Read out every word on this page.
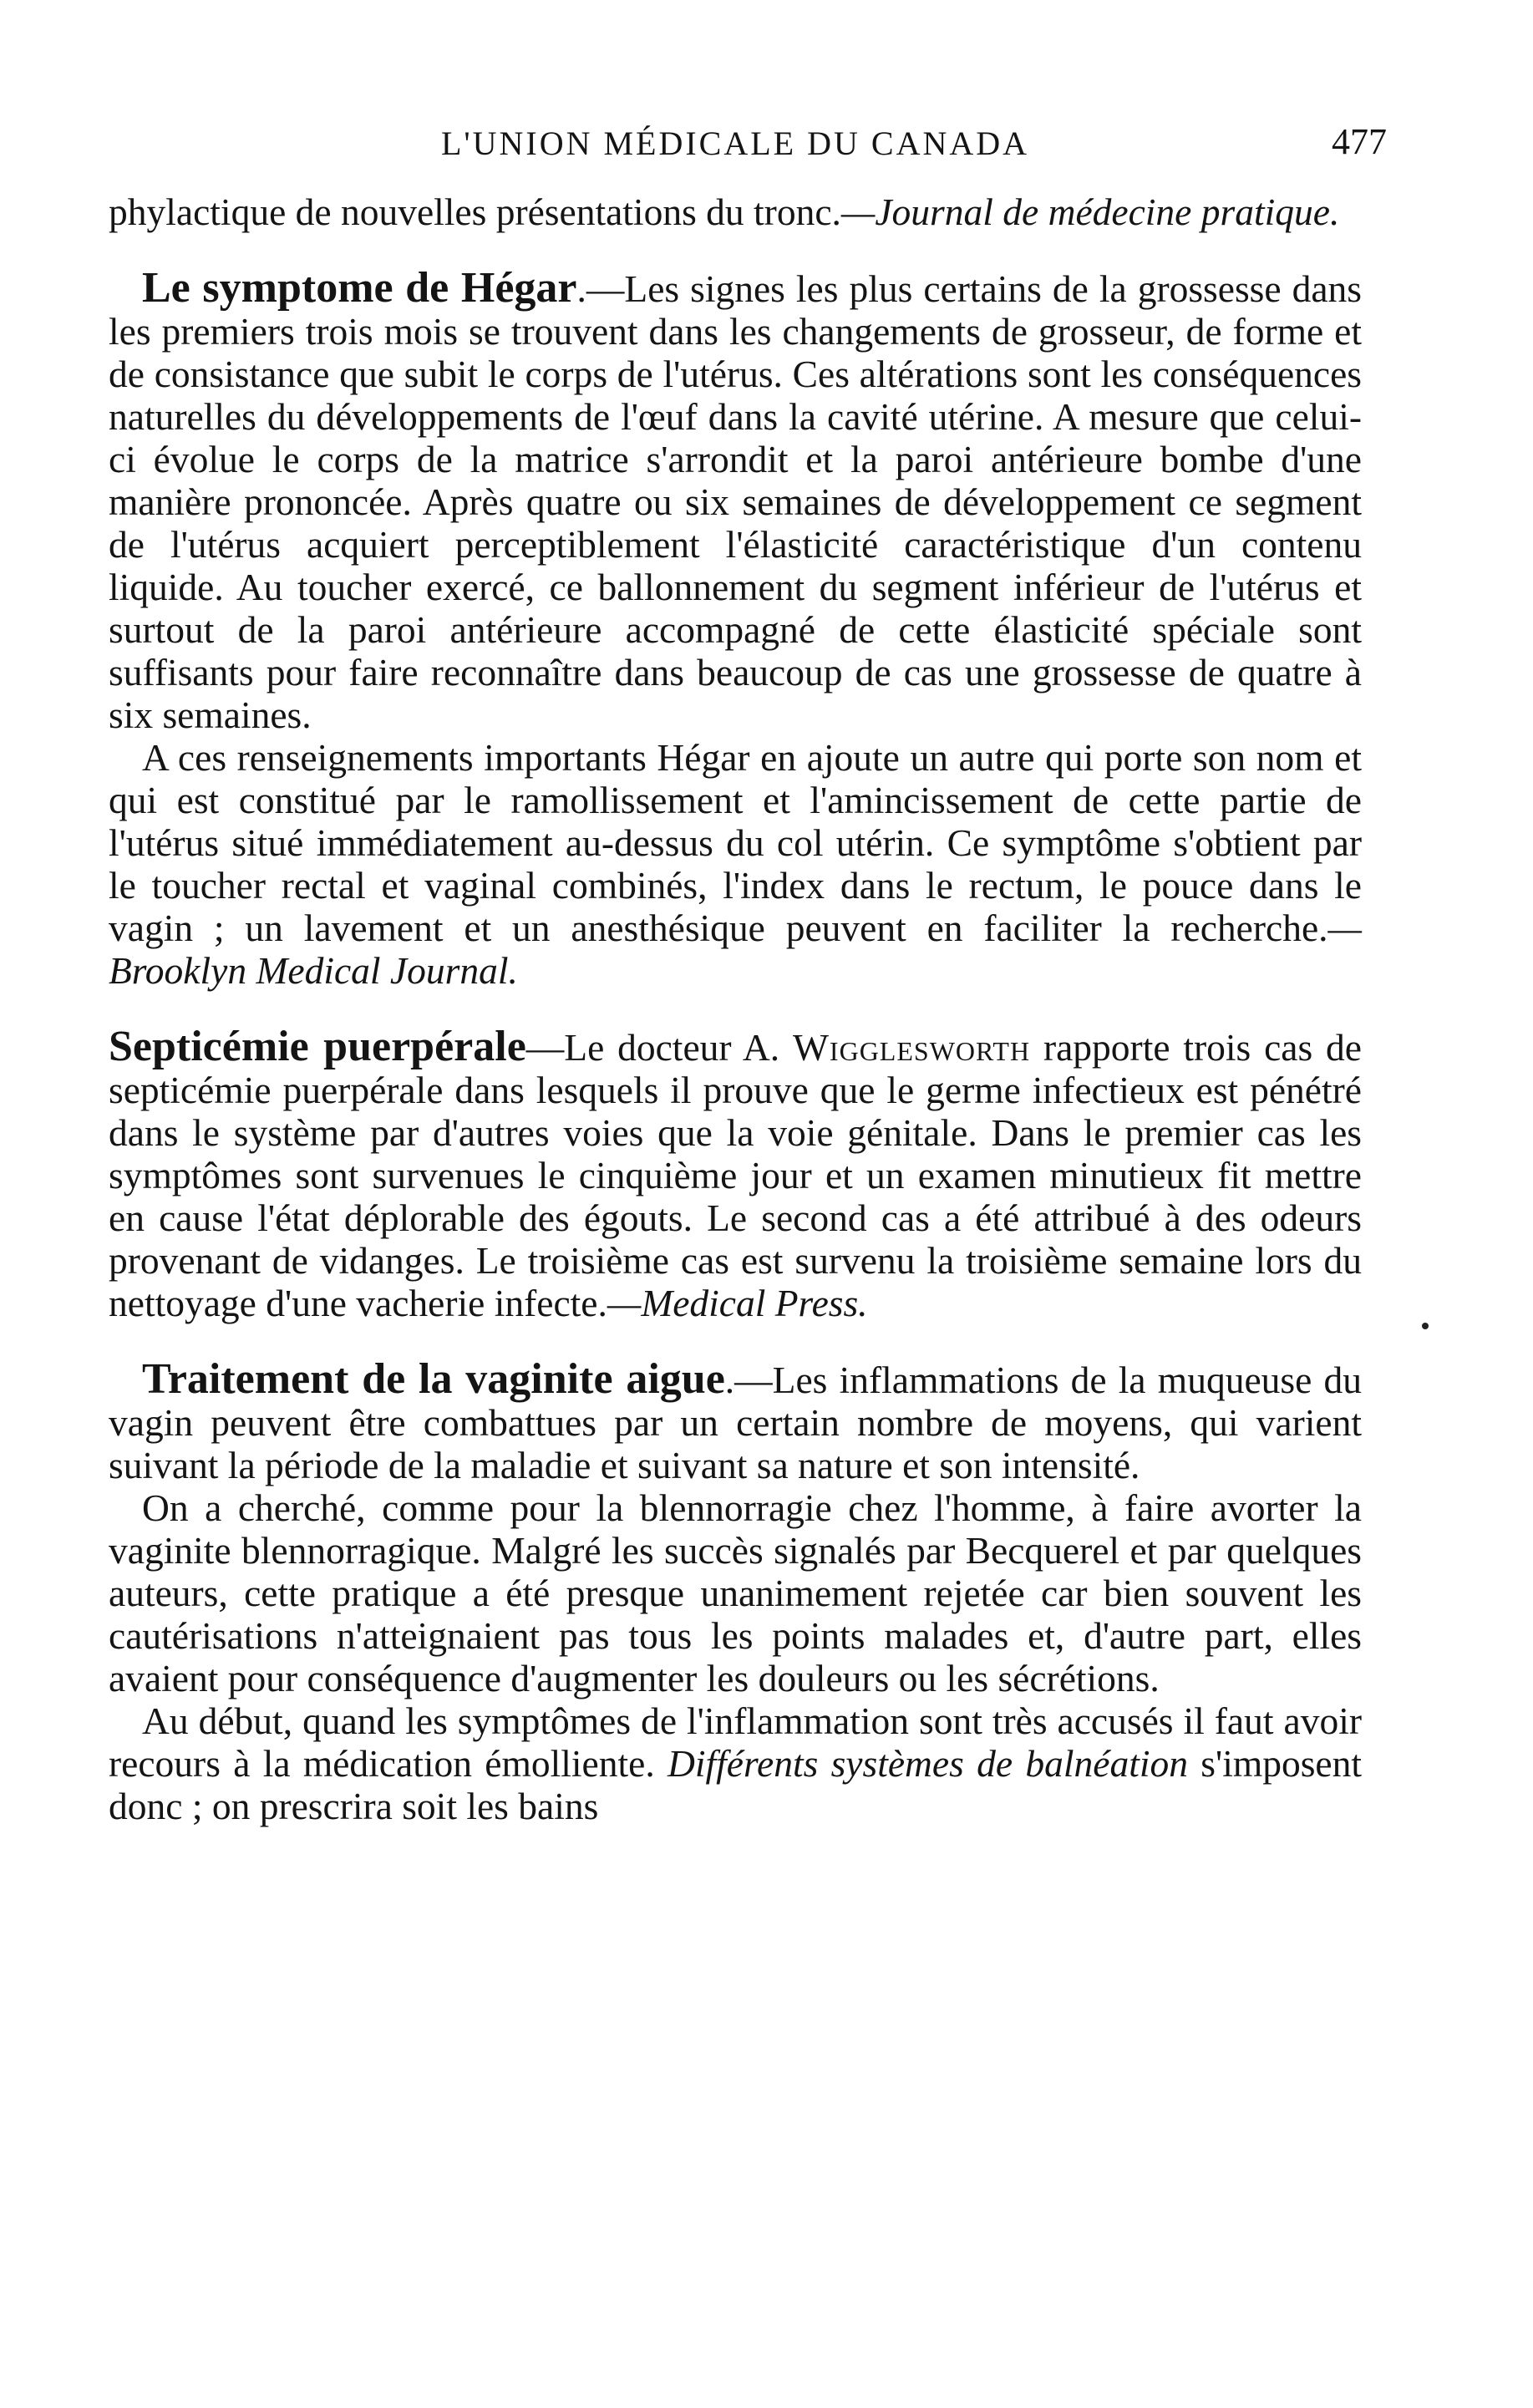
L'UNION MÉDICALE DU CANADA	477

phylactique de nouvelles présentations du tronc.—Journal de médecine pratique.

Le symptome de Hégar.—Les signes les plus certains de la grossesse dans les premiers trois mois se trouvent dans les changements de grosseur, de forme et de consistance que subit le corps de l'utérus. Ces altérations sont les conséquences naturelles du développements de l'œuf dans la cavité utérine. A mesure que celui-ci évolue le corps de la matrice s'arrondit et la paroi antérieure bombe d'une manière prononcée. Après quatre ou six semaines de développement ce segment de l'utérus acquiert perceptiblement l'élasticité caractéristique d'un contenu liquide. Au toucher exercé, ce ballonnement du segment inférieur de l'utérus et surtout de la paroi antérieure accompagné de cette élasticité spéciale sont suffisants pour faire reconnaître dans beaucoup de cas une grossesse de quatre à six semaines.

A ces renseignements importants Hégar en ajoute un autre qui porte son nom et qui est constitué par le ramollissement et l'amincissement de cette partie de l'utérus situé immédiatement au-dessus du col utérin. Ce symptôme s'obtient par le toucher rectal et vaginal combinés, l'index dans le rectum, le pouce dans le vagin ; un lavement et un anesthésique peuvent en faciliter la recherche.—Brooklyn Medical Journal.

Septicémie puerpérale—Le docteur A. Wigglesworth rapporte trois cas de septicémie puerpérale dans lesquels il prouve que le germe infectieux est pénétré dans le système par d'autres voies que la voie génitale. Dans le premier cas les symptômes sont survenues le cinquième jour et un examen minutieux fit mettre en cause l'état déplorable des égouts. Le second cas a été attribué à des odeurs provenant de vidanges. Le troisième cas est survenu la troisième semaine lors du nettoyage d'une vacherie infecte.—Medical Press.

Traitement de la vaginite aigue.—Les inflammations de la muqueuse du vagin peuvent être combattues par un certain nombre de moyens, qui varient suivant la période de la maladie et suivant sa nature et son intensité.

On a cherché, comme pour la blennorragie chez l'homme, à faire avorter la vaginite blennorragique. Malgré les succès signalés par Becquerel et par quelques auteurs, cette pratique a été presque unanimement rejetée car bien souvent les cautérisations n'atteignaient pas tous les points malades et, d'autre part, elles avaient pour conséquence d'augmenter les douleurs ou les sécrétions.

Au début, quand les symptômes de l'inflammation sont très accusés il faut avoir recours à la médication émolliente. Différents systèmes de balnéation s'imposent donc ; on prescrira soit les bains
